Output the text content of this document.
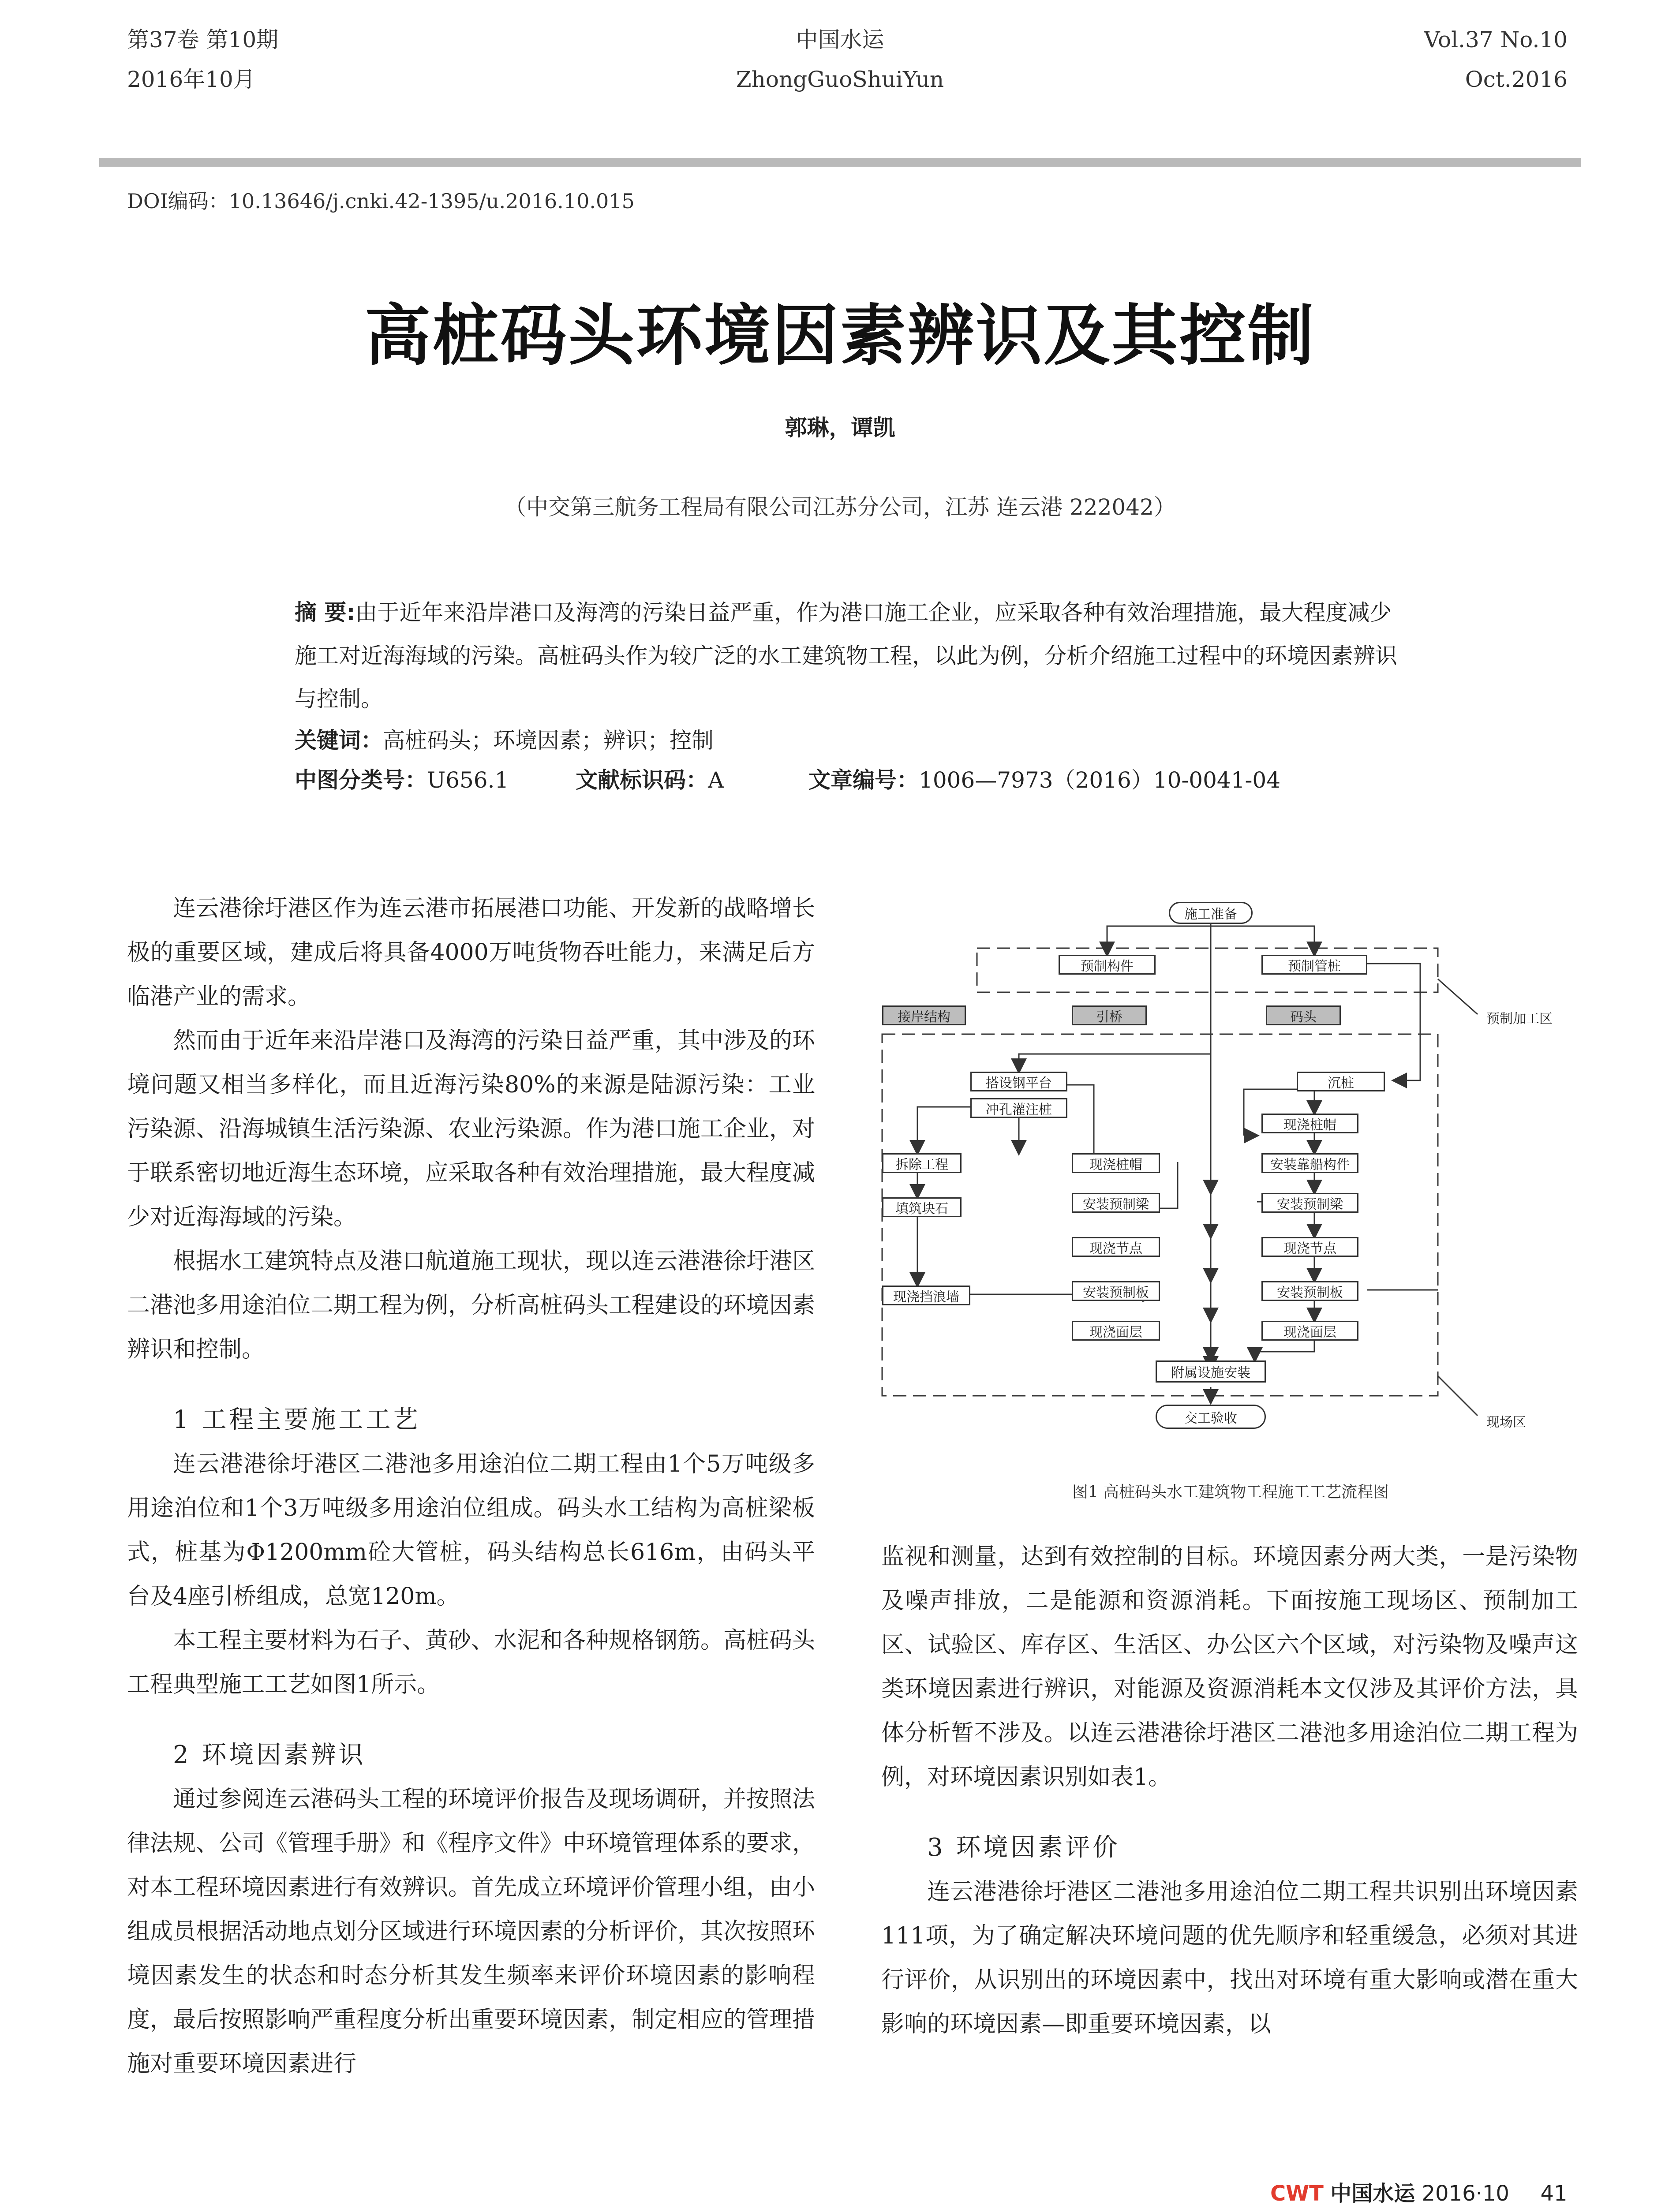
第37卷 第10期
2016年10月
中国水运
ZhongGuoShuiYun
Vol.37 No.10
Oct.2016
DOI编码：10.13646/j.cnki.42-1395/u.2016.10.015
高桩码头环境因素辨识及其控制
郭琳，谭凯
（中交第三航务工程局有限公司江苏分公司，江苏 连云港 222042）
摘 要:由于近年来沿岸港口及海湾的污染日益严重，作为港口施工企业，应采取各种有效治理措施，最大程度减少施工对近海海域的污染。高桩码头作为较广泛的水工建筑物工程，以此为例，分析介绍施工过程中的环境因素辨识与控制。
关键词：高桩码头；环境因素；辨识；控制
中图分类号：U656.1	文献标识码：A	文章编号：1006—7973（2016）10-0041-04

连云港徐圩港区作为连云港市拓展港口功能、开发新的战略增长极的重要区域，建成后将具备4000万吨货物吞吐能力，来满足后方临港产业的需求。

然而由于近年来沿岸港口及海湾的污染日益严重，其中涉及的环境问题又相当多样化，而且近海污染80%的来源是陆源污染：工业污染源、沿海城镇生活污染源、农业污染源。作为港口施工企业，对于联系密切地近海生态环境，应采取各种有效治理措施，最大程度减少对近海海域的污染。

根据水工建筑特点及港口航道施工现状，现以连云港港徐圩港区二港池多用途泊位二期工程为例，分析高桩码头工程建设的环境因素辨识和控制。

1 工程主要施工工艺

连云港港徐圩港区二港池多用途泊位二期工程由1个5万吨级多用途泊位和1个3万吨级多用途泊位组成。码头水工结构为高桩梁板式，桩基为Φ1200mm砼大管桩，码头结构总长616m，由码头平台及4座引桥组成，总宽120m。

本工程主要材料为石子、黄砂、水泥和各种规格钢筋。高桩码头工程典型施工工艺如图1所示。

2 环境因素辨识

通过参阅连云港码头工程的环境评价报告及现场调研，并按照法律法规、公司《管理手册》和《程序文件》中环境管理体系的要求，对本工程环境因素进行有效辨识。首先成立环境评价管理小组，由小组成员根据活动地点划分区域进行环境因素的分析评价，其次按照环境因素发生的状态和时态分析其发生频率来评价环境因素的影响程度，最后按照影响严重程度分析出重要环境因素，制定相应的管理措施对重要环境因素进行

施工准备
预制构件	预制管桩
预制加工区
接岸结构	引桥	码头
搭设钢平台
冲孔灌注桩
沉桩
拆除工程
填筑块石
现浇挡浪墙
现浇桩帽
安装预制梁
现浇节点
安装预制板
现浇面层
现浇桩帽
安装靠船构件
安装预制梁
现浇节点
安装预制板
现浇面层
附属设施安装
交工验收	现场区
图1 高桩码头水工建筑物工程施工工艺流程图

监视和测量，达到有效控制的目标。环境因素分两大类，一是污染物及噪声排放，二是能源和资源消耗。下面按施工现场区、预制加工区、试验区、库存区、生活区、办公区六个区域，对污染物及噪声这类环境因素进行辨识，对能源及资源消耗本文仅涉及其评价方法，具体分析暂不涉及。以连云港港徐圩港区二港池多用途泊位二期工程为例，对环境因素识别如表1。

3 环境因素评价

连云港港徐圩港区二港池多用途泊位二期工程共识别出环境因素111项，为了确定解决环境问题的优先顺序和轻重缓急，必须对其进行评价，从识别出的环境因素中，找出对环境有重大影响或潜在重大影响的环境因素—即重要环境因素，以

CWT 中国水运 2016·10 41
